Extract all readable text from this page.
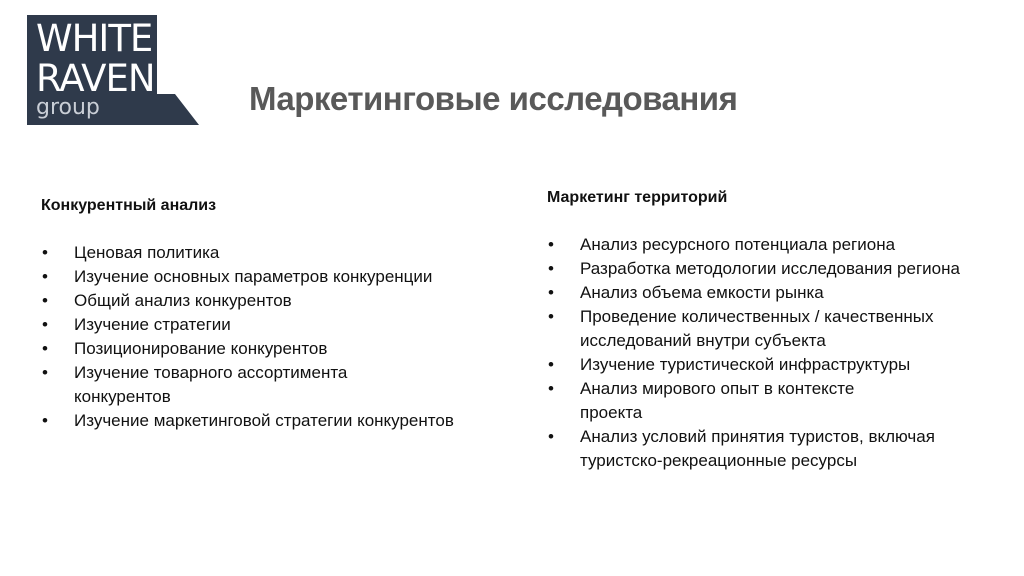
WHITE
RAVEN
group	Маркетинговые исследования
Конкурентный анализ
• Ценовая политика
• Изучение основных параметров конкуренции
• Общий анализ конкурентов
• Изучение стратегии
• Позиционирование конкурентов
• Изучение товарного ассортимента конкурентов
• Изучение маркетинговой стратегии конкурентов
Маркетинг территорий
• Анализ ресурсного потенциала региона
• Разработка методологии исследования региона
• Анализ объема емкости рынка
• Проведение количественных / качественных исследований внутри субъекта
• Изучение туристической инфраструктуры
• Анализ мирового опыт в контексте проекта
• Анализ условий принятия туристов, включая туристско-рекреационные ресурсы
